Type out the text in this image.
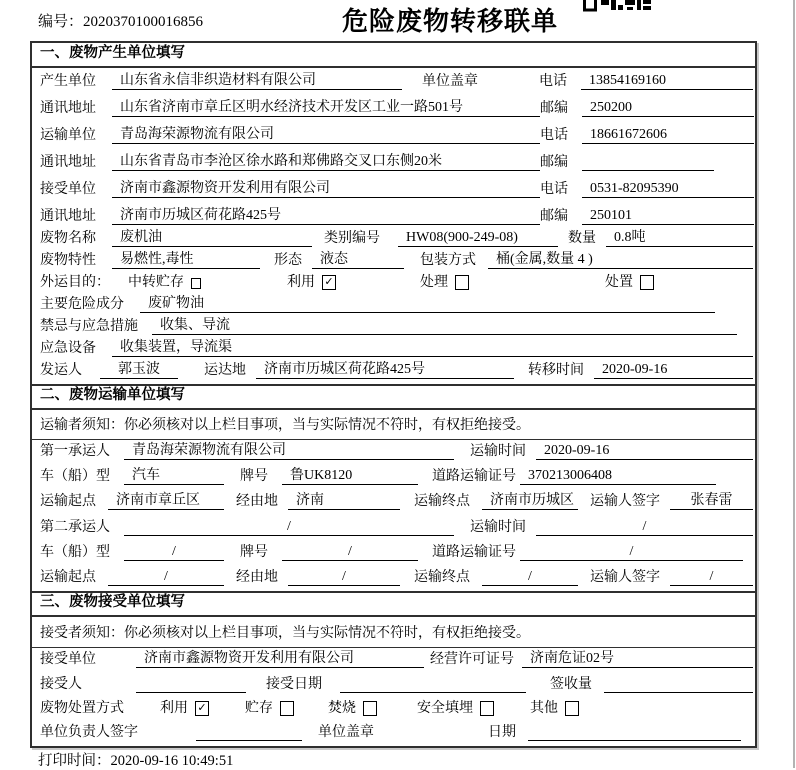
编号：2020370100016856	危险废物转移联单
一、废物产生单位填写
产生单位	山东省永信非织造材料有限公司	单位盖章	电话	13854169160
通讯地址	山东省济南市章丘区明水经济技术开发区工业一路501号	邮编	250200
运输单位	青岛海荣源物流有限公司	电话	18661672606
通讯地址	山东省青岛市李沧区徐水路和郑佛路交叉口东侧20米	邮编
接受单位	济南市鑫源物资开发利用有限公司	电话	0531-82095390
通讯地址	济南市历城区荷花路425号	邮编	250101
废物名称	废机油	类别编号	HW08(900-249-08)	数量	0.8吨
废物特性	易燃性,毒性	形态	液态	包装方式	桶(金属,数量 4 )
外运目的：	中转贮存	利用 ✓	处理	处置
主要危险成分	废矿物油
禁忌与应急措施	收集、导流
应急设备	收集装置，导流渠
发运人	郭玉波	运达地	济南市历城区荷花路425号	转移时间	2020-09-16
二、废物运输单位填写
运输者须知：你必须核对以上栏目事项，当与实际情况不符时，有权拒绝接受。
第一承运人	青岛海荣源物流有限公司	运输时间	2020-09-16
车（船）型	汽车	牌号	鲁UK8120	道路运输证号 370213006408
运输起点	济南市章丘区	经由地	济南	运输终点	济南市历城区 运输人签字	张春雷
第二承运人	/	运输时间	/
车（船）型	/	牌号	/	道路运输证号	/
运输起点	/	经由地	/	运输终点	/	运输人签字	/
三、废物接受单位填写
接受者须知：你必须核对以上栏目事项，当与实际情况不符时，有权拒绝接受。
接受单位	济南市鑫源物资开发利用有限公司	经营许可证号	济南危证02号
接受人	接受日期	签收量
废物处置方式	利用 ✓	贮存	焚烧	安全填埋	其他
单位负责人签字	单位盖章	日期
打印时间：2020-09-16 10:49:51
